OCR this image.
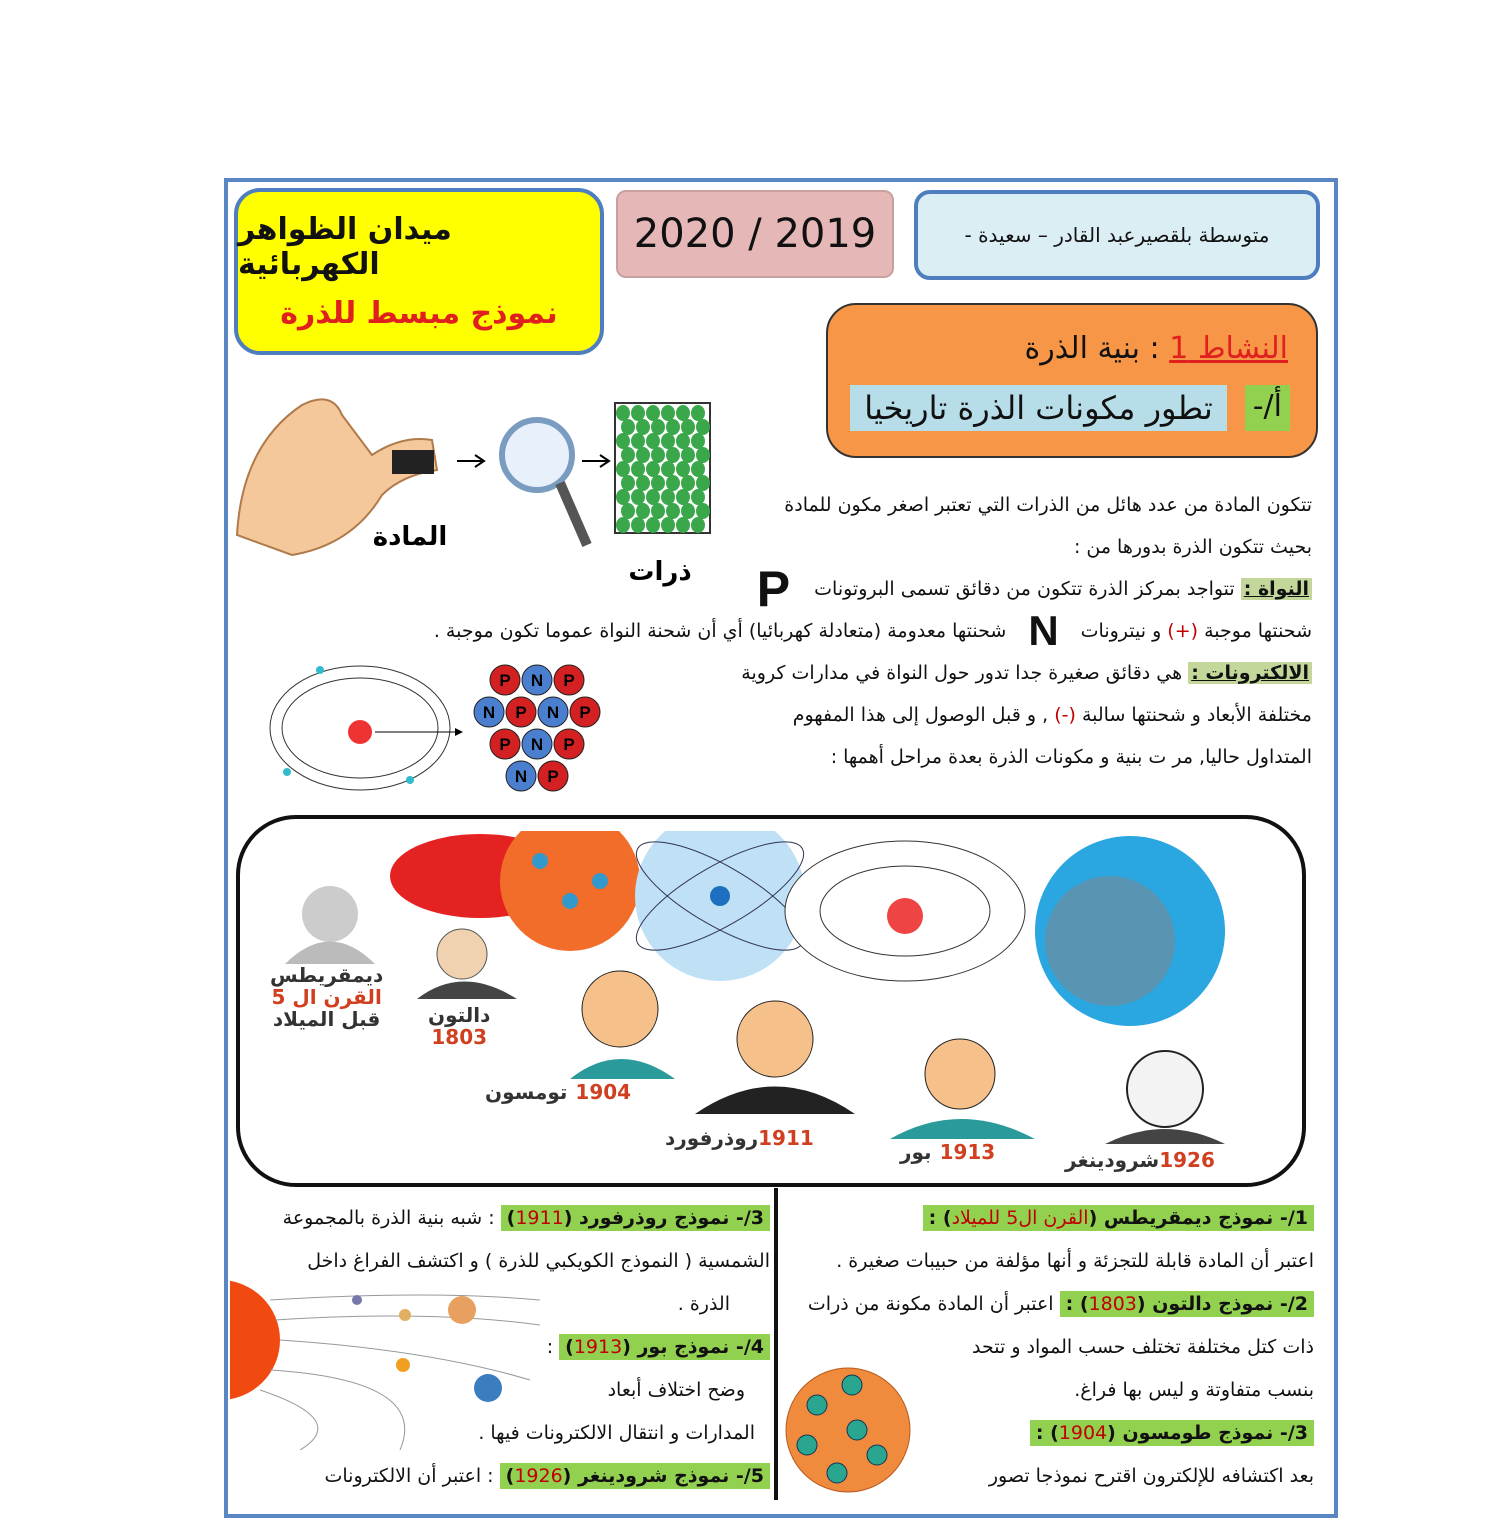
ميدان الظواهر الكهربائية
نموذج مبسط للذرة
2020 / 2019	متوسطة بلقصيرعبد القادر – سعيدة -
النشاط 1 : بنية الذرة
أ/-
تطور مكونات الذرة تاريخيا
المادة
ذرات
P N P
N P N P
P N P
N P
تتكون المادة من عدد هائل من الذرات التي تعتبر اصغر مكون للمادة
بحيث تتكون الذرة بدورها من :
النواة : تتواجد بمركز الذرة تتكون من دقائق تسمى البروتوناتP
شحنتها موجبة (+) و نيتروناتNشحنتها معدومة (متعادلة كهربائيا) أي أن شحنة النواة عموما تكون موجبة .
الالكترونات : هي دقائق صغيرة جدا تدور حول النواة في مدارات كروية
مختلفة الأبعاد و شحنتها سالبة (-) , و قبل الوصول إلى هذا المفهوم
المتداول حاليا, مر ت بنية و مكونات الذرة بعدة مراحل أهمها :
ديمقريطس
القرن ال 5
قبل الميلاد دالتون
1803
1904
تومسون
1911
روذرفورد
1913
بور	1926
شرودينغر
1/- نموذج ديمقريطس (القرن ال5 للميلاد) :
اعتبر أن المادة قابلة للتجزئة و أنها مؤلفة من حبيبات صغيرة .
2/- نموذج دالتون (1803) : اعتبر أن المادة مكونة من ذرات
ذات كتل مختلفة تختلف حسب المواد و تتحد
بنسب متفاوتة و ليس بها فراغ.
3/- نموذج طومسون (1904) :
بعد اكتشافه للإلكترون اقترح نموذجا تصور
3/- نموذج روذرفورد (1911) : شبه بنية الذرة بالمجموعة
الشمسية ( النموذج الكويكبي للذرة ) و اكتشف الفراغ داخل
الذرة .
4/- نموذج بور (1913) :
وضح اختلاف أبعاد
المدارات و انتقال الالكترونات فيها .
5/- نموذج شرودينغر (1926) : اعتبر أن الالكترونات
